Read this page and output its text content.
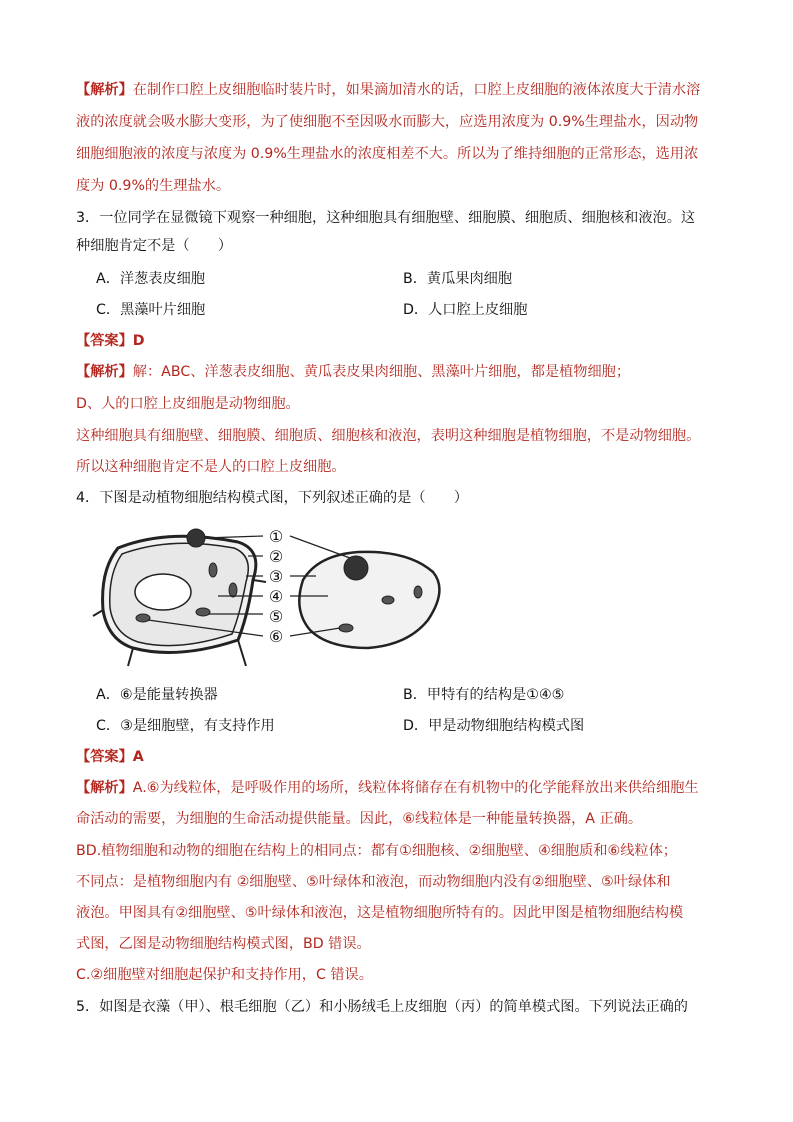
【解析】在制作口腔上皮细胞临时装片时，如果滴加清水的话，口腔上皮细胞的液体浓度大于清水溶
液的浓度就会吸水膨大变形，为了使细胞不至因吸水而膨大，应选用浓度为 0.9%生理盐水，因动物
细胞细胞液的浓度与浓度为 0.9%生理盐水的浓度相差不大。所以为了维持细胞的正常形态，选用浓
度为 0.9%的生理盐水。
3．一位同学在显微镜下观察一种细胞，这种细胞具有细胞壁、细胞膜、细胞质、细胞核和液泡。这
种细胞肯定不是（　　）
A．洋葱表皮细胞	B．黄瓜果肉细胞
C．黑藻叶片细胞	D．人口腔上皮细胞
【答案】D
【解析】解：ABC、洋葱表皮细胞、黄瓜表皮果肉细胞、黑藻叶片细胞，都是植物细胞；
D、人的口腔上皮细胞是动物细胞。
这种细胞具有细胞壁、细胞膜、细胞质、细胞核和液泡，表明这种细胞是植物细胞，不是动物细胞。
所以这种细胞肯定不是人的口腔上皮细胞。
4．下图是动植物细胞结构模式图，下列叙述正确的是（　　）
①
②
③
④
⑤
⑥
A．⑥是能量转换器	B．甲特有的结构是①④⑤
C．③是细胞壁，有支持作用	D．甲是动物细胞结构模式图
【答案】A
【解析】A.⑥为线粒体，是呼吸作用的场所，线粒体将储存在有机物中的化学能释放出来供给细胞生
命活动的需要，为细胞的生命活动提供能量。因此，⑥线粒体是一种能量转换器，A 正确。
BD.植物细胞和动物的细胞在结构上的相同点：都有①细胞核、②细胞壁、④细胞质和⑥线粒体；
不同点：是植物细胞内有 ②细胞壁、⑤叶绿体和液泡，而动物细胞内没有②细胞壁、⑤叶绿体和
液泡。甲图具有②细胞壁、⑤叶绿体和液泡，这是植物细胞所特有的。因此甲图是植物细胞结构模
式图，乙图是动物细胞结构模式图，BD 错误。
C.②细胞壁对细胞起保护和支持作用，C 错误。
5．如图是衣藻（甲）、根毛细胞（乙）和小肠绒毛上皮细胞（丙）的简单模式图。下列说法正确的
